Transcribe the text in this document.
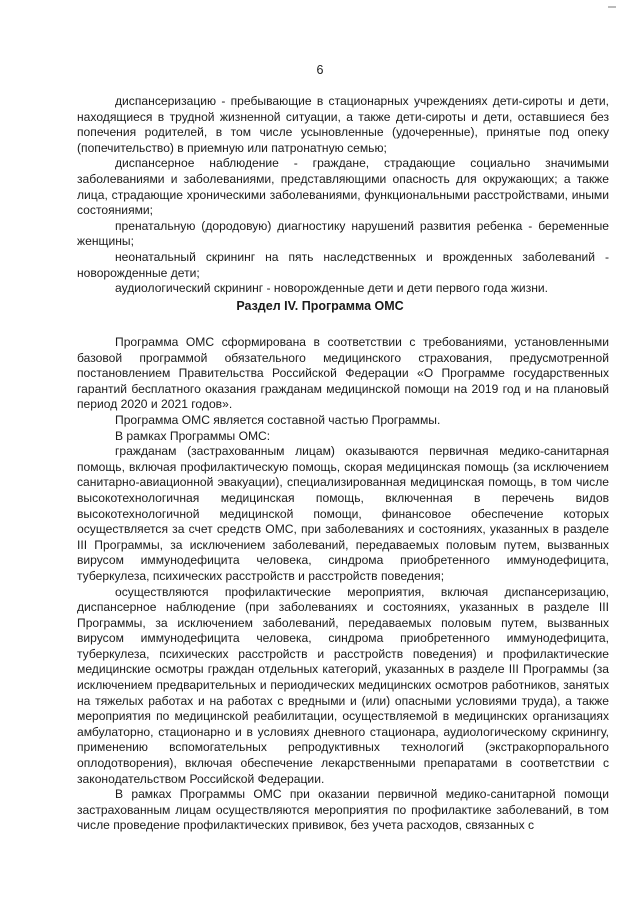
6

диспансеризацию - пребывающие в стационарных учреждениях дети-сироты и дети, находящиеся в трудной жизненной ситуации, а также дети-сироты и дети, оставшиеся без попечения родителей, в том числе усыновленные (удочеренные), принятые под опеку (попечительство) в приемную или патронатную семью;

диспансерное наблюдение - граждане, страдающие социально значимыми заболеваниями и заболеваниями, представляющими опасность для окружающих; а также лица, страдающие хроническими заболеваниями, функциональными расстройствами, иными состояниями;

пренатальную (дородовую) диагностику нарушений развития ребенка - беременные женщины;

неонатальный скрининг на пять наследственных и врожденных заболеваний - новорожденные дети;

аудиологический скрининг - новорожденные дети и дети первого года жизни.

Раздел IV. Программа ОМС

Программа ОМС сформирована в соответствии с требованиями, установленными базовой программой обязательного медицинского страхования, предусмотренной постановлением Правительства Российской Федерации «О Программе государственных гарантий бесплатного оказания гражданам медицинской помощи на 2019 год и на плановый период 2020 и 2021 годов».

Программа ОМС является составной частью Программы.

В рамках Программы ОМС:

гражданам (застрахованным лицам) оказываются первичная медико-санитарная помощь, включая профилактическую помощь, скорая медицинская помощь (за исключением санитарно-авиационной эвакуации), специализированная медицинская помощь, в том числе высокотехнологичная медицинская помощь, включенная в перечень видов высокотехнологичной медицинской помощи, финансовое обеспечение которых осуществляется за счет средств ОМС, при заболеваниях и состояниях, указанных в разделе III Программы, за исключением заболеваний, передаваемых половым путем, вызванных вирусом иммунодефицита человека, синдрома приобретенного иммунодефицита, туберкулеза, психических расстройств и расстройств поведения;

осуществляются профилактические мероприятия, включая диспансеризацию, диспансерное наблюдение (при заболеваниях и состояниях, указанных в разделе III Программы, за исключением заболеваний, передаваемых половым путем, вызванных вирусом иммунодефицита человека, синдрома приобретенного иммунодефицита, туберкулеза, психических расстройств и расстройств поведения) и профилактические медицинские осмотры граждан отдельных категорий, указанных в разделе III Программы (за исключением предварительных и периодических медицинских осмотров работников, занятых на тяжелых работах и на работах с вредными и (или) опасными условиями труда), а также мероприятия по медицинской реабилитации, осуществляемой в медицинских организациях амбулаторно, стационарно и в условиях дневного стационара, аудиологическому скринингу, применению вспомогательных репродуктивных технологий (экстракорпорального оплодотворения), включая обеспечение лекарственными препаратами в соответствии с законодательством Российской Федерации.

В рамках Программы ОМС при оказании первичной медико-санитарной помощи застрахованным лицам осуществляются мероприятия по профилактике заболеваний, в том числе проведение профилактических прививок, без учета расходов, связанных с
